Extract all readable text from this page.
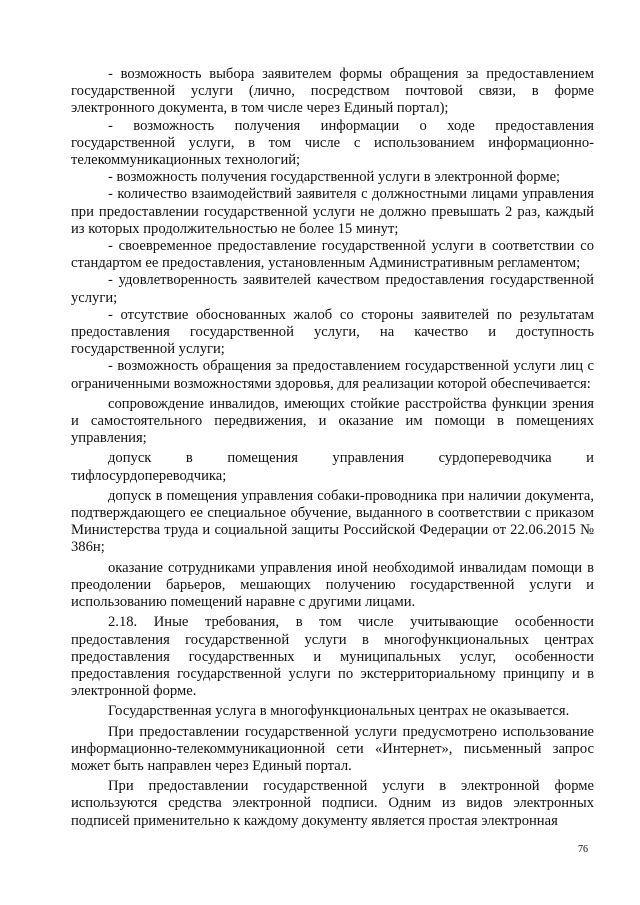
- возможность выбора заявителем формы обращения за предоставлением государственной услуги (лично, посредством почтовой связи, в форме электронного документа, в том числе через Единый портал);

- возможность получения информации о ходе предоставления государственной услуги, в том числе с использованием информационно-телекоммуникационных технологий;

- возможность получения государственной услуги в электронной форме;

- количество взаимодействий заявителя с должностными лицами управления при предоставлении государственной услуги не должно превышать 2 раз, каждый из которых продолжительностью не более 15 минут;

- своевременное предоставление государственной услуги в соответствии со стандартом ее предоставления, установленным Административным регламентом;

- удовлетворенность заявителей качеством предоставления государственной услуги;

- отсутствие обоснованных жалоб со стороны заявителей по результатам предоставления государственной услуги, на качество и доступность государственной услуги;

- возможность обращения за предоставлением государственной услуги лиц с ограниченными возможностями здоровья, для реализации которой обеспечивается:

сопровождение инвалидов, имеющих стойкие расстройства функции зрения и самостоятельного передвижения, и оказание им помощи в помещениях управления;

допуск в помещения управления сурдопереводчика и тифлосурдопереводчика;

допуск в помещения управления собаки-проводника при наличии документа, подтверждающего ее специальное обучение, выданного в соответствии с приказом Министерства труда и социальной защиты Российской Федерации от 22.06.2015 № 386н;

оказание сотрудниками управления иной необходимой инвалидам помощи в преодолении барьеров, мешающих получению государственной услуги и использованию помещений наравне с другими лицами.

2.18. Иные требования, в том числе учитывающие особенности предоставления государственной услуги в многофункциональных центрах предоставления государственных и муниципальных услуг, особенности предоставления государственной услуги по экстерриториальному принципу и в электронной форме.

Государственная услуга в многофункциональных центрах не оказывается.

При предоставлении государственной услуги предусмотрено использование информационно-телекоммуникационной сети «Интернет», письменный запрос может быть направлен через Единый портал.

При предоставлении государственной услуги в электронной форме используются средства электронной подписи. Одним из видов электронных подписей применительно к каждому документу является простая электронная

76
